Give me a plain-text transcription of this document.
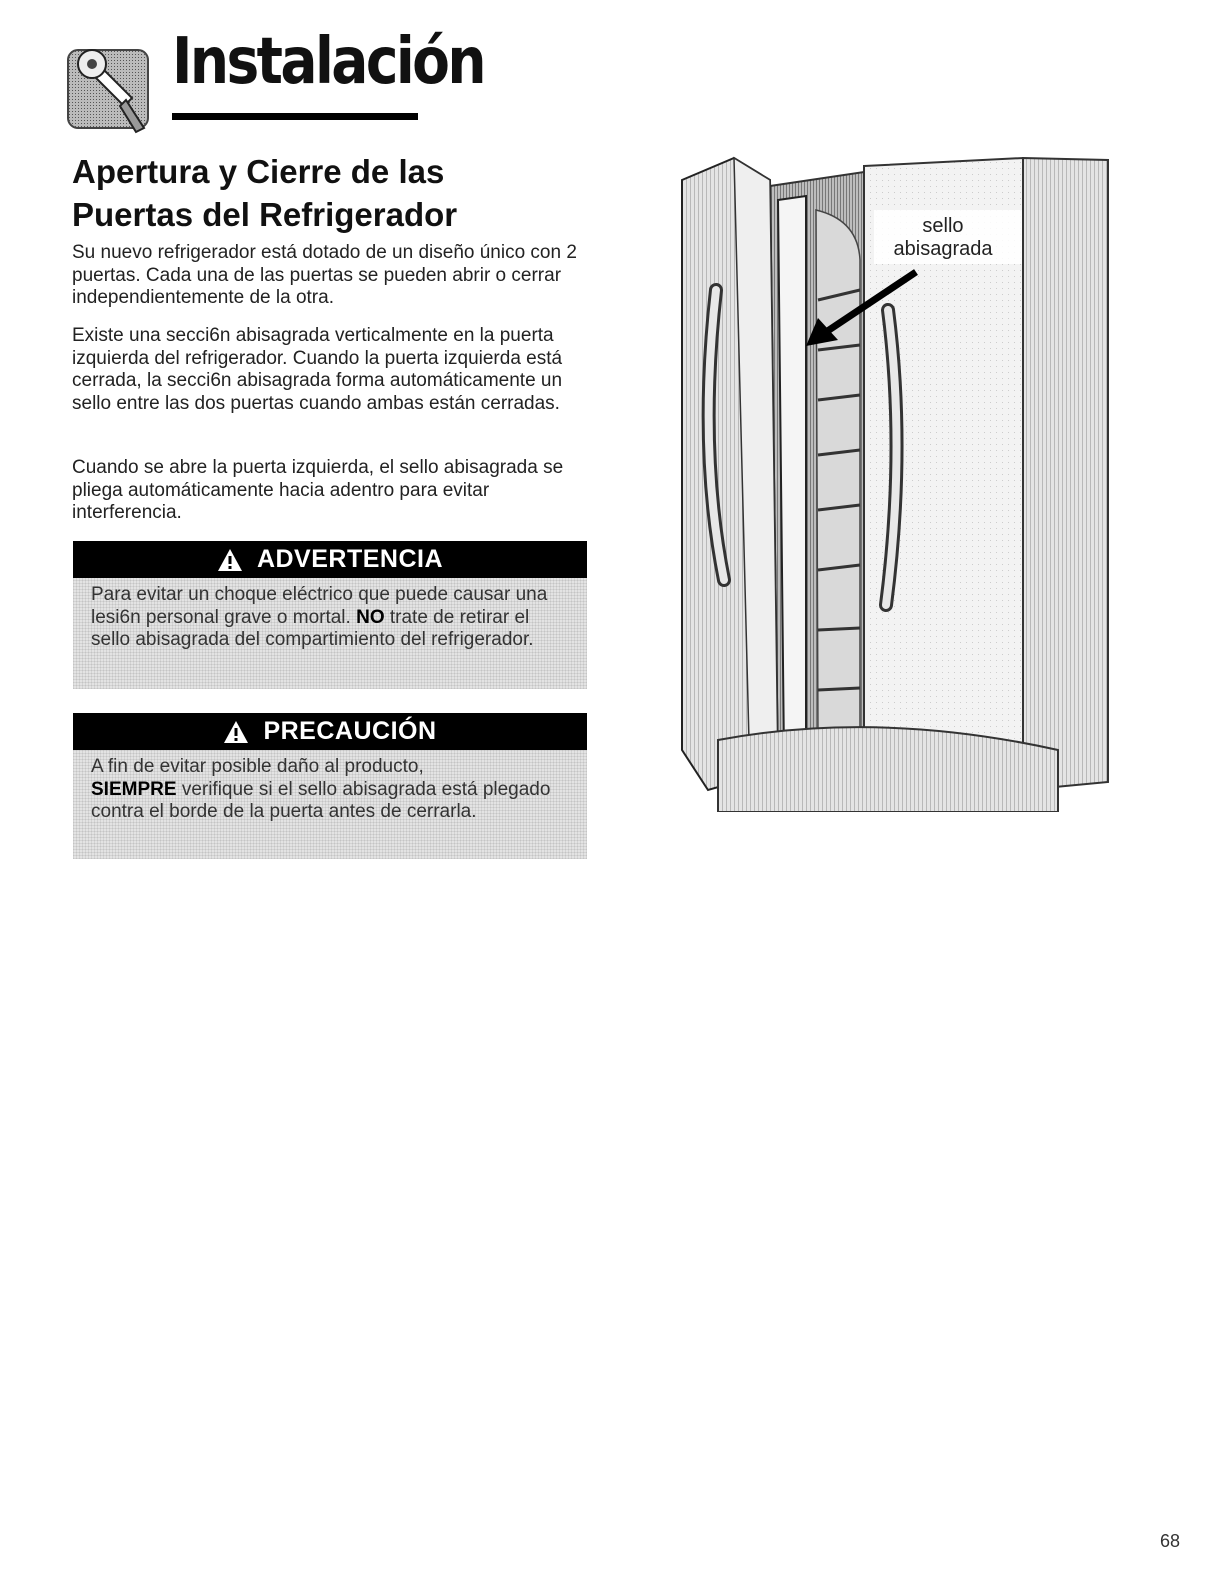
Instalación
Apertura y Cierre de las
Puertas del Refrigerador

Su nuevo refrigerador está dotado de un diseño único con 2 puertas. Cada una de las puertas se pueden abrir o cerrar independientemente de la otra.

Existe una secci6n abisagrada verticalmente en la puerta izquierda del refrigerador. Cuando la puerta izquierda está cerrada, la secci6n abisagrada forma automáticamente un sello entre las dos puertas cuando ambas están cerradas.

Cuando se abre la puerta izquierda, el sello abisagrada se pliega automáticamente hacia adentro para evitar interferencia.

ADVERTENCIA
Para evitar un choque eléctrico que puede causar una lesi6n personal grave o mortal. NO trate de retirar el sello abisagrada del compartimiento del refrigerador.
PRECAUCIÓN
A fin de evitar posible daño al producto,
SIEMPRE verifique si el sello abisagrada está plegado contra el borde de la puerta antes de cerrarla.

sello
abisagrada

68
